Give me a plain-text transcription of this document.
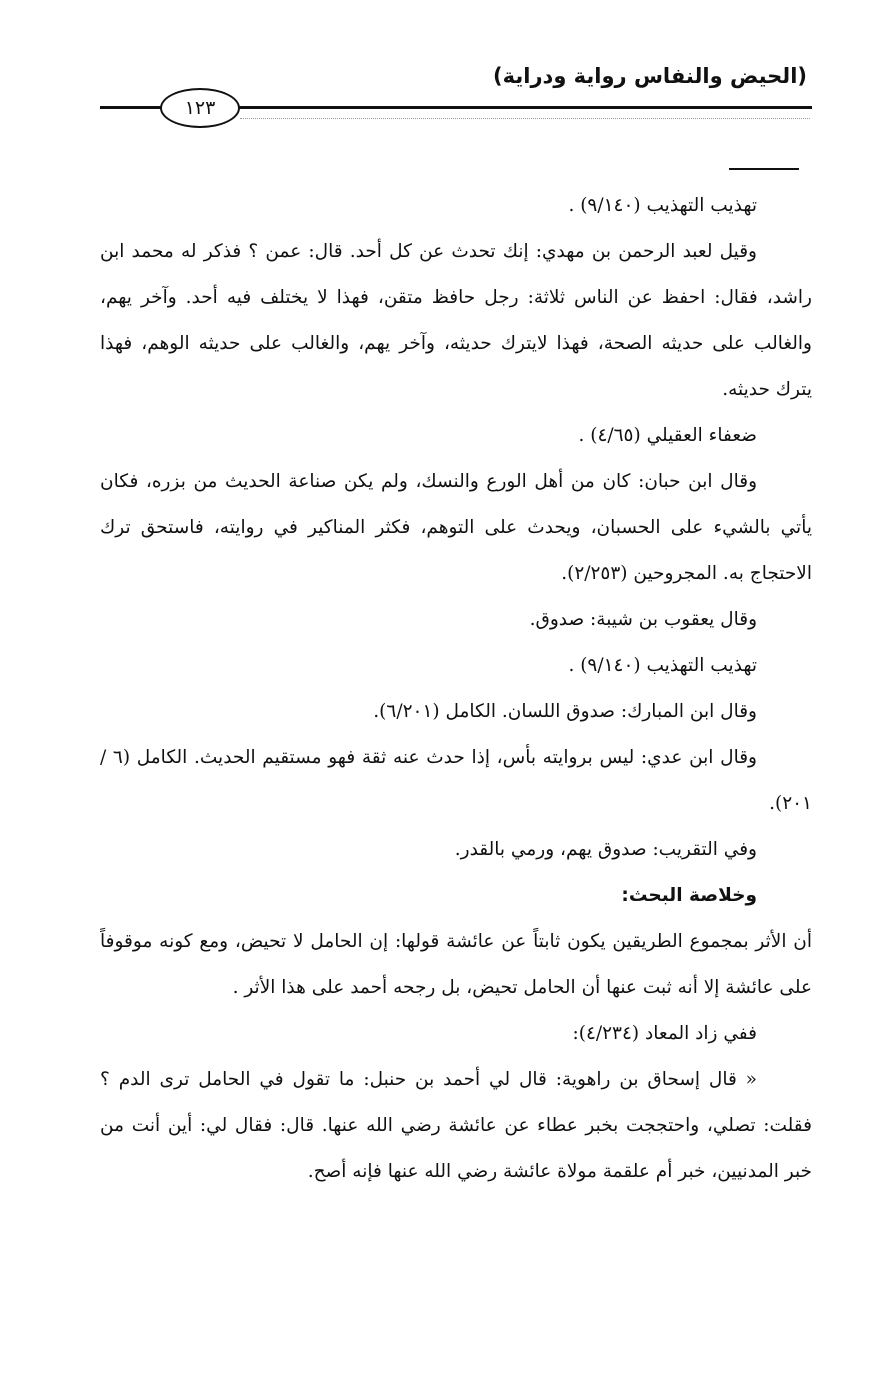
(الحيض والنفاس رواية ودراية)
١٢٣

تهذيب التهذيب (٩/١٤٠) .

وقيل لعبد الرحمن بن مهدي: إنك تحدث عن كل أحد. قال: عمن ؟ فذكر له محمد ابن راشد، فقال: احفظ عن الناس ثلاثة: رجل حافظ متقن، فهذا لا يختلف فيه أحد. وآخر يهم، والغالب على حديثه الصحة، فهذا لايترك حديثه، وآخر يهم، والغالب على حديثه الوهم، فهذا يترك حديثه.

ضعفاء العقيلي (٤/٦٥) .

وقال ابن حبان: كان من أهل الورع والنسك، ولم يكن صناعة الحديث من بزره، فكان يأتي بالشيء على الحسبان، ويحدث على التوهم، فكثر المناكير في روايته، فاستحق ترك الاحتجاج به. المجروحين (٢/٢٥٣).

وقال يعقوب بن شيبة: صدوق.

تهذيب التهذيب (٩/١٤٠) .

وقال ابن المبارك: صدوق اللسان. الكامل (٦/٢٠١).

وقال ابن عدي: ليس بروايته بأس، إذا حدث عنه ثقة فهو مستقيم الحديث. الكامل (٦ /٢٠١).

وفي التقريب: صدوق يهم، ورمي بالقدر.

وخلاصة البحث:

أن الأثر بمجموع الطريقين يكون ثابتاً عن عائشة قولها: إن الحامل لا تحيض، ومع كونه موقوفاً على عائشة إلا أنه ثبت عنها أن الحامل تحيض، بل رجحه أحمد على هذا الأثر .

ففي زاد المعاد (٤/٢٣٤):

« قال إسحاق بن راهوية: قال لي أحمد بن حنبل: ما تقول في الحامل ترى الدم ؟ فقلت: تصلي، واحتججت بخبر عطاء عن عائشة رضي الله عنها. قال: فقال لي: أين أنت من خبر المدنيين، خبر أم علقمة مولاة عائشة رضي الله عنها فإنه أصح.
